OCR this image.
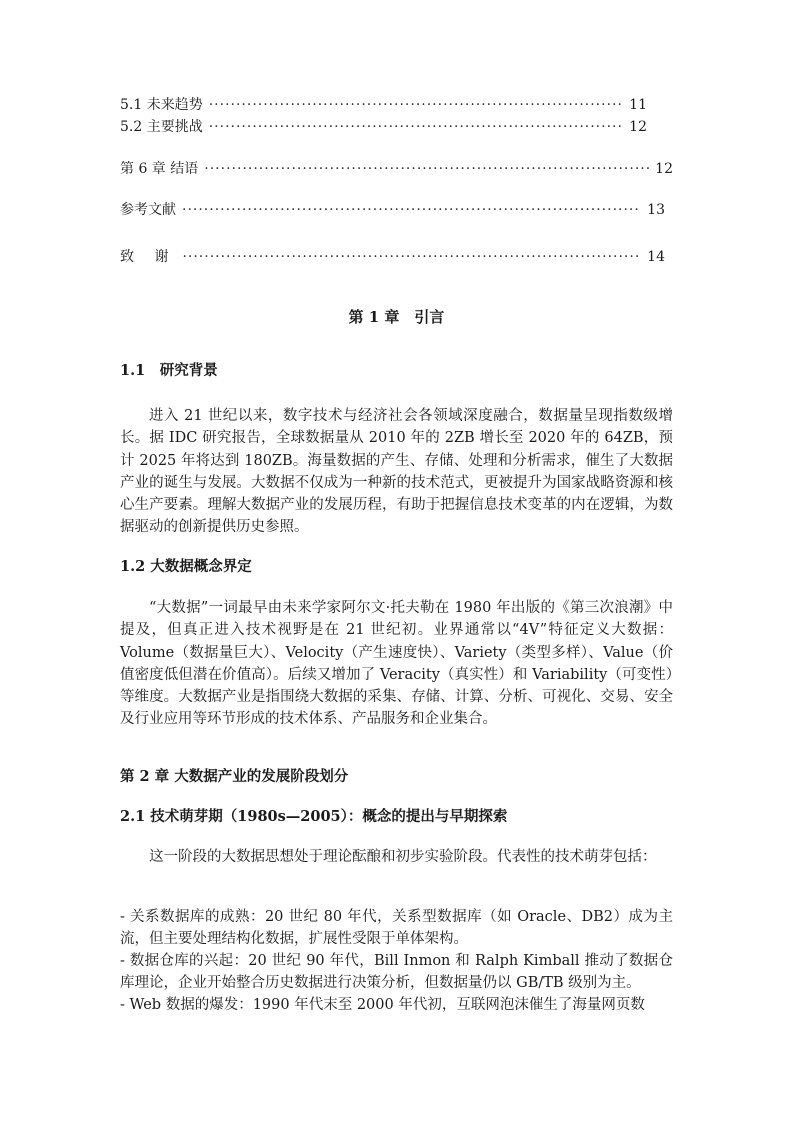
5.1 未来趋势 ·····	11
5.2 主要挑战 ·····	12
第 6 章 结语 ·····	12
参考文献 ·····	13
致 谢 ·····	14
第 1 章　引言
1.1　研究背景
进入 21 世纪以来，数字技术与经济社会各领域深度融合，数据量呈现指数级增长。据 IDC 研究报告，全球数据量从 2010 年的 2ZB 增长至 2020 年的 64ZB，预计 2025 年将达到 180ZB。海量数据的产生、存储、处理和分析需求，催生了大数据产业的诞生与发展。大数据不仅成为一种新的技术范式，更被提升为国家战略资源和核心生产要素。理解大数据产业的发展历程，有助于把握信息技术变革的内在逻辑，为数据驱动的创新提供历史参照。
1.2 大数据概念界定
“大数据”一词最早由未来学家阿尔文·托夫勒在 1980 年出版的《第三次浪潮》中提及，但真正进入技术视野是在 21 世纪初。业界通常以“4V”特征定义大数据：Volume（数据量巨大）、Velocity（产生速度快）、Variety（类型多样）、Value（价值密度低但潜在价值高）。后续又增加了 Veracity（真实性）和 Variability（可变性）等维度。大数据产业是指围绕大数据的采集、存储、计算、分析、可视化、交易、安全及行业应用等环节形成的技术体系、产品服务和企业集合。
第 2 章 大数据产业的发展阶段划分
2.1 技术萌芽期（1980s—2005）：概念的提出与早期探索
这一阶段的大数据思想处于理论酝酿和初步实验阶段。代表性的技术萌芽包括：
- 关系数据库的成熟：20 世纪 80 年代，关系型数据库（如 Oracle、DB2）成为主流，但主要处理结构化数据，扩展性受限于单体架构。
- 数据仓库的兴起：20 世纪 90 年代，Bill Inmon 和 Ralph Kimball 推动了数据仓库理论，企业开始整合历史数据进行决策分析，但数据量仍以 GB/TB 级别为主。
- Web 数据的爆发：1990 年代末至 2000 年代初，互联网泡沫催生了海量网页数
